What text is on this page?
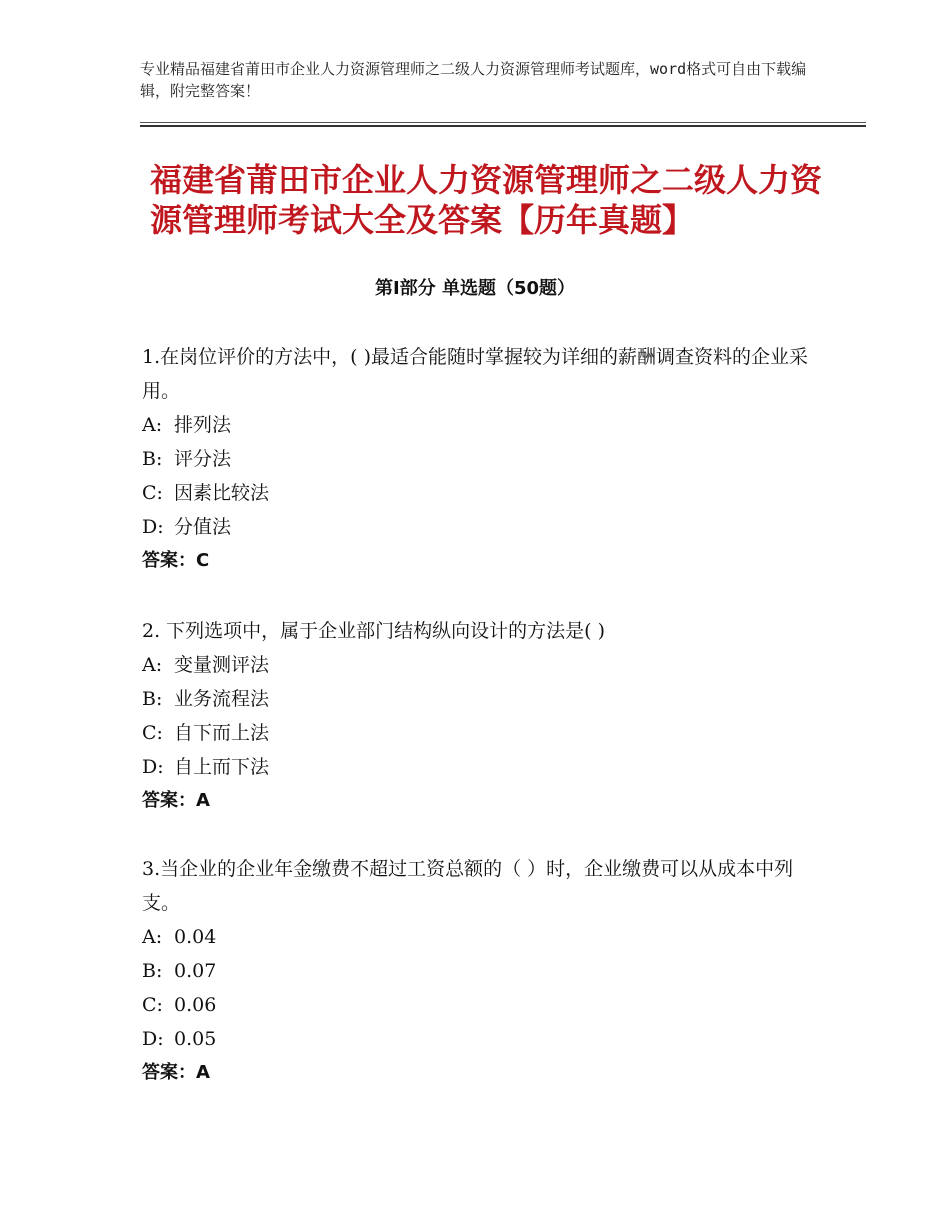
专业精品福建省莆田市企业人力资源管理师之二级人力资源管理师考试题库，word格式可自由下载编辑，附完整答案！
福建省莆田市企业人力资源管理师之二级人力资源管理师考试大全及答案【历年真题】
第Ⅰ部分 单选题（50题）

1.在岗位评价的方法中，( )最适合能随时掌握较为详细的薪酬调查资料的企业采用。

A: 排列法

B: 评分法

C: 因素比较法

D: 分值法

答案：C

2. 下列选项中，属于企业部门结构纵向设计的方法是( )

A: 变量测评法

B: 业务流程法

C: 自下而上法

D: 自上而下法

答案：A

3.当企业的企业年金缴费不超过工资总额的（ ）时，企业缴费可以从成本中列支。

A: 0.04

B: 0.07

C: 0.06

D: 0.05

答案：A
